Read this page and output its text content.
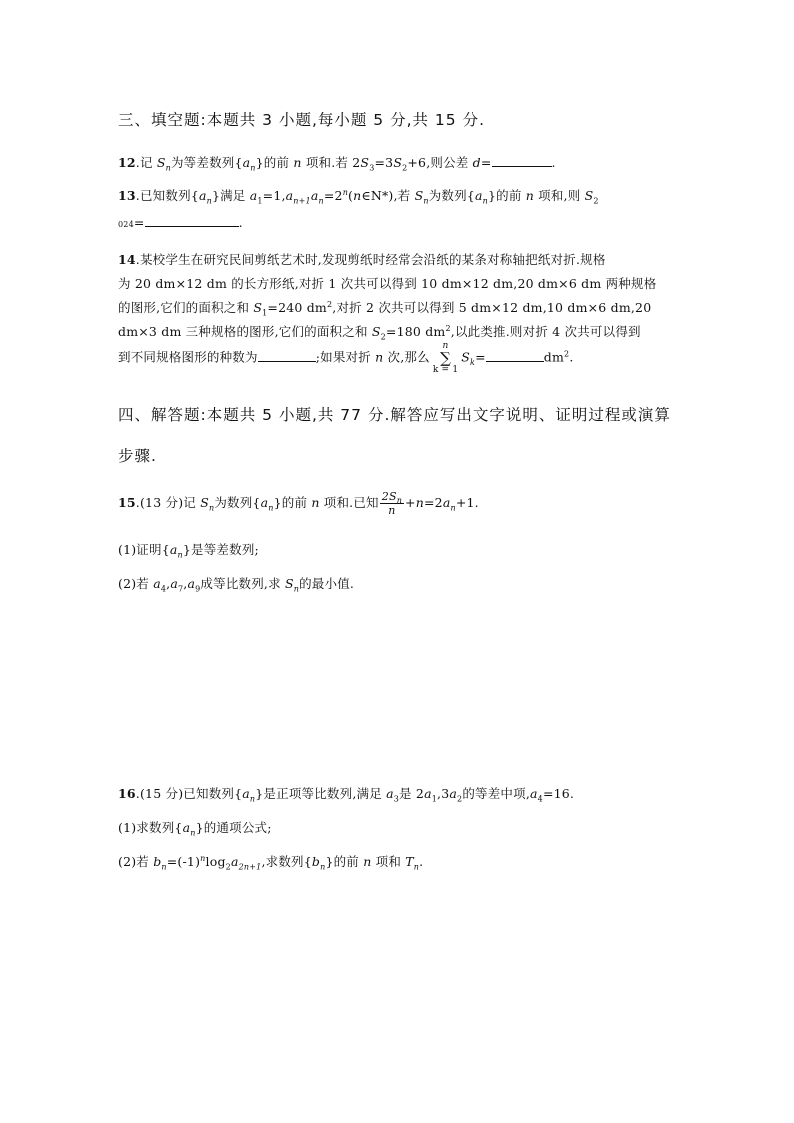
三、填空题:本题共 3 小题,每小题 5 分,共 15 分.
12.记 $S_n$为等差数列$\{a_n\}$的前 n 项和.若 $2S_3=3S_2+6$,则公差 d=	.
13.已知数列$\{a_n\}$满足 $a_1=1,a_{n+1}a_n=2^n(n\in N*)$,若 $S_n$为数列$\{a_n\}$的前 n 项和,则 $S_2$
024=	.
14.某校学生在研究民间剪纸艺术时,发现剪纸时经常会沿纸的某条对称轴把纸对折.规格
为 20 dm×12 dm 的长方形纸,对折 1 次共可以得到 10 dm×12 dm,20 dm×6 dm 两种规格
的图形,它们的面积之和 $S_1=240$ $dm^2$,对折 2 次共可以得到 5 dm×12 dm,10 dm×6 dm,20
dm×3 dm 三种规格的图形,它们的面积之和 $S_2=180$ $dm^2$,以此类推.则对折 4 次共可以得到
到不同规格图形的种数为	;如果对折 n 次,那么
n
∑
k = 1
$S_k=$	$dm^2$.
四、解答题:本题共 5 小题,共 77 分.解答应写出文字说明、证明过程或演算
步骤.
15.(13 分)记 $S_n$为数列$\{a_n\}$的前 n 项和.已知 $\frac{2S_n}{n} +n=2a_n+1$.
(1)证明$\{a_n\}$是等差数列;
(2)若 $a_4,a_7,a_9$成等比数列,求 $S_n$的最小值.
16.(15 分)已知数列$\{a_n\}$是正项等比数列,满足 $a_3$是 $2a_1,3a_2$的等差中项$,a_4=16$.
(1)求数列$\{a_n\}$的通项公式;
(2)若 $b_n=(-1)^n\log_2a_{2n+1}$,求数列$\{b_n\}$的前 n 项和 $T_n$.
